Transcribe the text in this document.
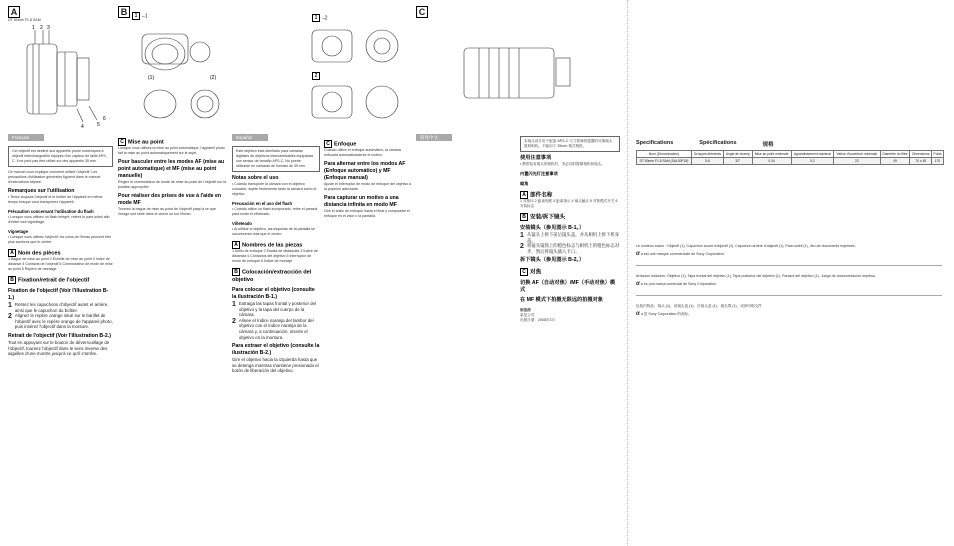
A
DT 50mm F1.8 SAM
1 2 3
4	5
6
Français
Cet objectif est destiné aux appareils photo numériques à objectif interchangeable équipés d'un capteur de taille APS-C. Il ne peut pas être utilisé sur des appareils 35 mm.
Ce manuel vous explique comment utiliser l'objectif. Les précautions d'utilisation générales figurent dans le manuel d'instructions séparé.
Remarques sur l'utilisation
• Tenez toujours l'objectif et le boîtier de l'appareil en même temps lorsque vous transportez l'appareil.
Précaution concernant l'utilisation du flash
• Lorsque vous utilisez un flash intégré, retirez le pare-soleil afin d'éviter tout vignettage.
Vignetage
• Lorsque vous utilisez l'objectif, les coins de l'écran peuvent être plus sombres que le centre.
A Nom des pièces
1 Bague de mise au point 2 Échelle de mise au point 3 Index de distance 4 Contacts de l'objectif 5 Commutateur de mode de mise au point 6 Repère de montage
B Fixation/retrait de l'objectif
Fixation de l'objectif (Voir l'illustration B-1.)
1 Retirez les capuchons d'objectif avant et arrière, ainsi que le capuchon du boîtier.
2 Alignez le repère orange situé sur le barillet de l'objectif avec le repère orange de l'appareil photo, puis insérez l'objectif dans la monture.
Retrait de l'objectif (Voir l'illustration B-2.)
Tout en appuyant sur le bouton de déverrouillage de l'objectif, tournez l'objectif dans le sens inverse des aiguilles d'une montre jusqu'à ce qu'il s'arrête.
B	1 –1
(1)	(2)
C Mise au point
Lorsque vous utilisez la mise au point automatique, l'appareil photo fait la mise au point automatiquement sur le sujet.
Pour basculer entre les modes AF (mise au point automatique) et MF (mise au point manuelle)
Réglez le commutateur de mode de mise au point de l'objectif sur la position appropriée.
Pour réaliser des prises de vue à l'aide en mode MF
Tournez la bague de mise au point de l'objectif jusqu'à ce que l'image soit nette dans le viseur ou sur l'écran.
1 –2
2
Español
Este objetivo está diseñado para cámaras digitales de objetivos intercambiables equipadas con sensor de tamaño APS-C. No puede utilizarse en cámaras de formato de 35 mm.
Notas sobre el uso
• Cuando transporte la cámara con el objetivo colocado, sujete firmemente tanto la cámara como el objetivo.
Precaución en el uso del flash
• Cuando utilice un flash incorporado, retire el parasol para evitar el viñeteado.
Viñeteado
• Al utilizar el objetivo, las esquinas de la pantalla se oscurecerán más que el centro.
A Nombres de las piezas
1 Anillo de enfoque 2 Escala de distancias 3 Índice de distancia 4 Contactos del objetivo 5 Interruptor de modo de enfoque 6 Índice de montaje
B Colocación/extracción del objetivo
Para colocar el objetivo (consulte la ilustración B-1.)
1 Extraiga las tapas frontal y posterior del objetivo y la tapa del cuerpo de la cámara.
2 Alinee el índice naranja del tambor del objetivo con el índice naranja de la cámara y, a continuación, inserte el objetivo en la montura.
Para extraer el objetivo (consulte la ilustración B-2.)
Gire el objetivo hacia la izquierda hasta que se detenga mientras mantiene presionado el botón de liberación del objetivo.
C Enfoque
Cuando utilice el enfoque automático, la cámara enfocará automáticamente el motivo.
Para alternar entre los modos AF (Enfoque automático) y MF (Enfoque manual)
Ajuste el interruptor de modo de enfoque del objetivo a la posición adecuada.
Para capturar un motivo a una distancia infinita en modo MF
Gire el anillo de enfoque hasta el final y compruebe el enfoque en el visor o la pantalla.
C
简体中文
本镜头设计用于配备 APS-C 尺寸影像传感器的可换镜头数码相机。不能用于 35mm 格式相机。
使用注意事项
• 携带装有镜头的相机时，务必同时握紧相机和镜头。
内置闪光灯注意事项
暗角
A 部件名称
1 对焦环 2 距离刻度 3 距离指示 4 镜头触点 5 对焦模式开关 6 安装标志
B 安装/拆下镜头
安装镜头（参见图示 B-1。）
1 从镜头上拆下前后镜头盖，并从相机上拆下机身盖。
2 将镜头镜筒上的橙色标志与相机上的橙色标志对齐，然后将镜头插入卡口。
拆下镜头（参见图示 B-2。）
C 对焦
切换 AF（自动对焦）/MF（手动对焦）模式
在 MF 模式下拍摄无限远的拍摄对象
制造商
索尼公司
出版日期：2008年3月
Specifications	Spécifications	规格
Nom (Dénomination)	Groupes-éléments	Angle de champ	Mise au point minimale	Agrandissement maximal	Valeur d'ouverture minimale	Diamètre du filtre	Dimensions	Poids
DT 50mm F1.8 SAM (SAL50F18)	5-6	32°	0,34	0,2	22	49	70 x 45	170
Le contenu inclus : Objectif (1), Capuchon avant d'objectif (1), Capuchon arrière d'objectif (1), Pare-soleil (1), Jeu de documents imprimés.
α α est une marque commerciale de Sony Corporation.
Artículos incluidos: Objetivo (1), Tapa frontal del objetivo (1), Tapa posterior del objetivo (1), Parasol del objetivo (1), Juego de documentación impresa.
α α es una marca comercial de Sony Corporation.
包装内物品：镜头 (1)，前镜头盖 (1)，后镜头盖 (1)，遮光罩 (1)，成套印刷文件
α α 是 Sony Corporation 的商标。
